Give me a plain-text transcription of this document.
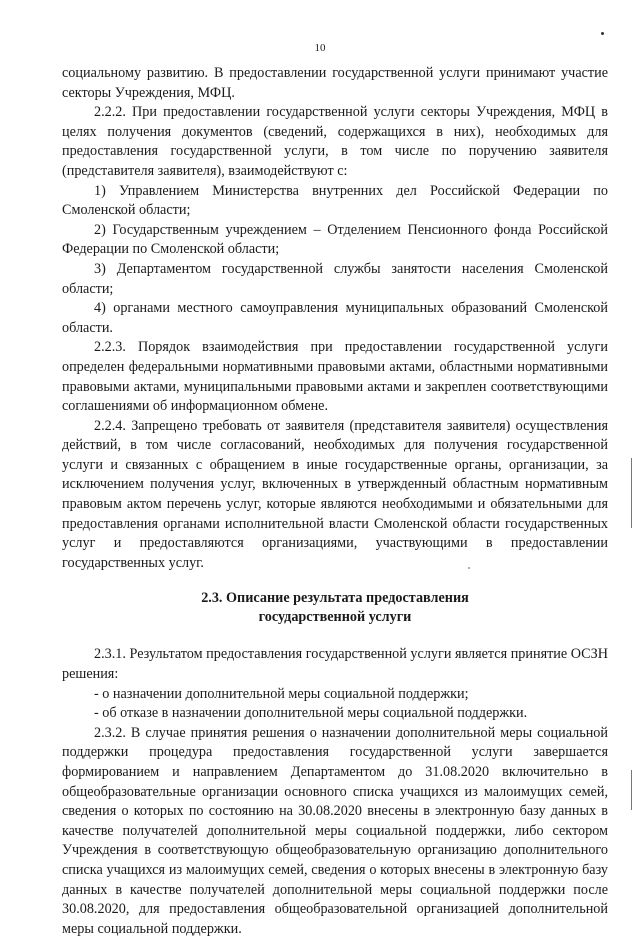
10

социальному развитию. В предоставлении государственной услуги принимают участие секторы Учреждения, МФЦ.

2.2.2. При предоставлении государственной услуги секторы Учреждения, МФЦ в целях получения документов (сведений, содержащихся в них), необходимых для предоставления государственной услуги, в том числе по поручению заявителя (представителя заявителя), взаимодействуют с:

1) Управлением Министерства внутренних дел Российской Федерации по Смоленской области;

2) Государственным учреждением – Отделением Пенсионного фонда Российской Федерации по Смоленской области;

3) Департаментом государственной службы занятости населения Смоленской области;

4) органами местного самоуправления муниципальных образований Смоленской области.

2.2.3. Порядок взаимодействия при предоставлении государственной услуги определен федеральными нормативными правовыми актами, областными нормативными правовыми актами, муниципальными правовыми актами и закреплен соответствующими соглашениями об информационном обмене.

2.2.4. Запрещено требовать от заявителя (представителя заявителя) осуществления действий, в том числе согласований, необходимых для получения государственной услуги и связанных с обращением в иные государственные органы, организации, за исключением получения услуг, включенных в утвержденный областным нормативным правовым актом перечень услуг, которые являются необходимыми и обязательными для предоставления органами исполнительной власти Смоленской области государственных услуг и предоставляются организациями, участвующими в предоставлении государственных услуг.

2.3. Описание результата предоставления
государственной услуги

2.3.1. Результатом предоставления государственной услуги является принятие ОСЗН решения:

- о назначении дополнительной меры социальной поддержки;

- об отказе в назначении дополнительной меры социальной поддержки.

2.3.2. В случае принятия решения о назначении дополнительной меры социальной поддержки процедура предоставления государственной услуги завершается формированием и направлением Департаментом до 31.08.2020 включительно в общеобразовательные организации основного списка учащихся из малоимущих семей, сведения о которых по состоянию на 30.08.2020 внесены в электронную базу данных в качестве получателей дополнительной меры социальной поддержки, либо сектором Учреждения в соответствующую общеобразовательную организацию дополнительного списка учащихся из малоимущих семей, сведения о которых внесены в электронную базу данных в качестве получателей дополнительной меры социальной поддержки после 30.08.2020, для предоставления общеобразовательной организацией дополнительной меры социальной поддержки.
